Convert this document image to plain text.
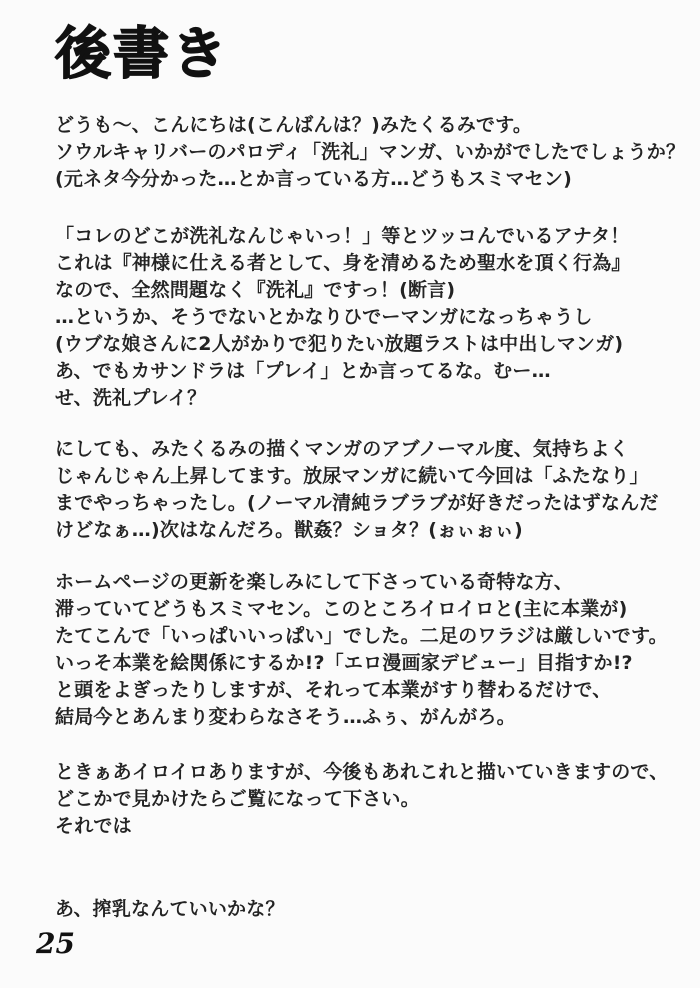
後書き
どうも～、こんにちは(こんばんは？)みたくるみです。
ソウルキャリバーのパロディ「洗礼」マンガ、いかがでしたでしょうか？
(元ネタ今分かった…とか言っている方…どうもスミマセン)
「コレのどこが洗礼なんじゃいっ！」等とツッコんでいるアナタ！
これは『神様に仕える者として、身を清めるため聖水を頂く行為』
なので、全然問題なく『洗礼』ですっ！(断言)
…というか、そうでないとかなりひでーマンガになっちゃうし
(ウブな娘さんに2人がかりで犯りたい放題ラストは中出しマンガ)
あ、でもカサンドラは「プレイ」とか言ってるな。むー…
せ、洗礼プレイ？
にしても、みたくるみの描くマンガのアブノーマル度、気持ちよく
じゃんじゃん上昇してます。放尿マンガに続いて今回は「ふたなり」
までやっちゃったし。(ノーマル清純ラブラブが好きだったはずなんだ
けどなぁ…)次はなんだろ。獣姦？ショタ？(ぉぃぉぃ)
ホームページの更新を楽しみにして下さっている奇特な方、
滞っていてどうもスミマセン。このところイロイロと(主に本業が)
たてこんで「いっぱいいっぱい」でした。二足のワラジは厳しいです。
いっそ本業を絵関係にするか!?「エロ漫画家デビュー」目指すか!?
と頭をよぎったりしますが、それって本業がすり替わるだけで、
結局今とあんまり変わらなさそう…ふぅ、がんがろ。
ときぁあイロイロありますが、今後もあれこれと描いていきますので、
どこかで見かけたらご覧になって下さい。
それでは
あ、搾乳なんていいかな？
25
